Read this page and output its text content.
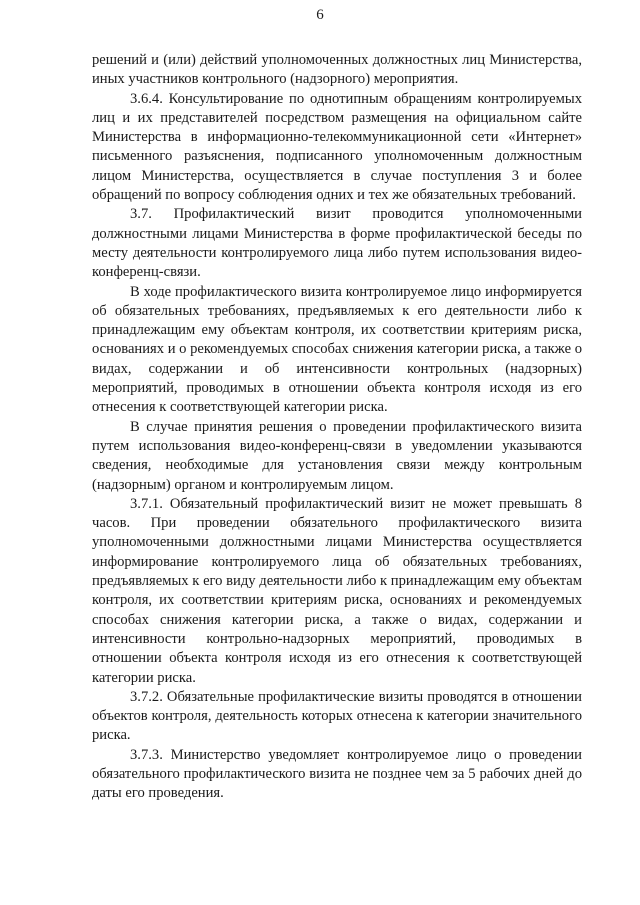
6

решений и (или) действий уполномоченных должностных лиц Министерства, иных участников контрольного (надзорного) мероприятия.

3.6.4. Консультирование по однотипным обращениям контролируемых лиц и их представителей посредством размещения на официальном сайте Министерства в информационно-телекоммуникационной сети «Интернет» письменного разъяснения, подписанного уполномоченным должностным лицом Министерства, осуществляется в случае поступления 3 и более обращений по вопросу соблюдения одних и тех же обязательных требований.

3.7. Профилактический визит проводится уполномоченными должностными лицами Министерства в форме профилактической беседы по месту деятельности контролируемого лица либо путем использования видео-конференц-связи.

В ходе профилактического визита контролируемое лицо информируется об обязательных требованиях, предъявляемых к его деятельности либо к принадлежащим ему объектам контроля, их соответствии критериям риска, основаниях и о рекомендуемых способах снижения категории риска, а также о видах, содержании и об интенсивности контрольных (надзорных) мероприятий, проводимых в отношении объекта контроля исходя из его отнесения к соответствующей категории риска.

В случае принятия решения о проведении профилактического визита путем использования видео-конференц-связи в уведомлении указываются сведения, необходимые для установления связи между контрольным (надзорным) органом и контролируемым лицом.

3.7.1. Обязательный профилактический визит не может превышать 8 часов. При проведении обязательного профилактического визита уполномоченными должностными лицами Министерства осуществляется информирование контролируемого лица об обязательных требованиях, предъявляемых к его виду деятельности либо к принадлежащим ему объектам контроля, их соответствии критериям риска, основаниях и рекомендуемых способах снижения категории риска, а также о видах, содержании и интенсивности контрольно-надзорных мероприятий, проводимых в отношении объекта контроля исходя из его отнесения к соответствующей категории риска.

3.7.2. Обязательные профилактические визиты проводятся в отношении объектов контроля, деятельность которых отнесена к категории значительного риска.

3.7.3. Министерство уведомляет контролируемое лицо о проведении обязательного профилактического визита не позднее чем за 5 рабочих дней до даты его проведения.
